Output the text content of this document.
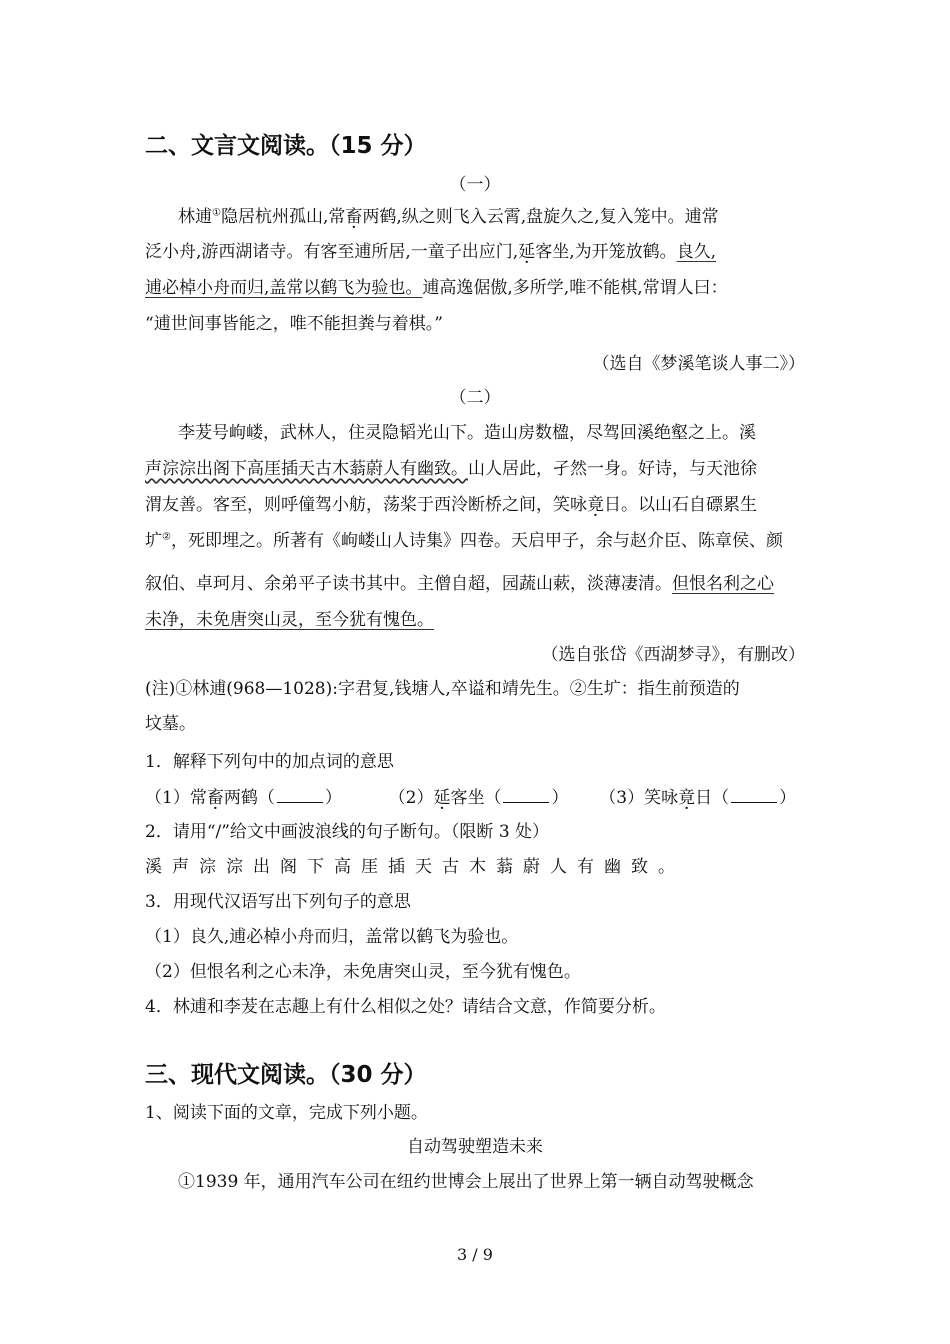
二、文言文阅读。（15 分）
（一）
林逋①隐居杭州孤山,常畜两鹤,纵之则飞入云霄,盘旋久之,复入笼中。逋常
泛小舟,游西湖诸寺。有客至逋所居,一童子出应门,延客坐,为开笼放鹤。良久,
逋必棹小舟而归,盖常以鹤飞为验也。逋高逸倨傲,多所学,唯不能棋,常谓人曰：
“逋世间事皆能之，唯不能担粪与着棋。”
（选自《梦溪笔谈人事二》）
（二）
李茇号岣嵝，武林人，住灵隐韬光山下。造山房数楹，尽驾回溪绝壑之上。溪
声淙淙出阁下高厓插天古木蓊蔚人有幽致。山人居此，孑然一身。好诗，与天池徐
渭友善。客至，则呼僮驾小舫，荡桨于西泠断桥之间，笑咏竟日。以山石自磦累生
圹②，死即埋之。所著有《岣嵝山人诗集》四卷。天启甲子，余与赵介臣、陈章侯、颜
叙伯、卓珂月、余弟平子读书其中。主僧自超，园蔬山蔌，淡薄凄清。但恨名利之心
未净，未免唐突山灵，至今犹有愧色。
（选自张岱《西湖梦寻》，有删改）
(注)①林逋(968—1028):字君复,钱塘人,卒谥和靖先生。②生圹：指生前预造的
坟墓。
1．解释下列句中的加点词的意思
（1）常畜两鹤（	）	（2）延客坐（	） （3）笑咏竟日（	）
2．请用“/”给文中画波浪线的句子断句。（限断 3 处）
溪声淙淙出阁下高厓插天古木蓊蔚人有幽致。
3．用现代汉语写出下列句子的意思
（1）良久,逋必棹小舟而归，盖常以鹤飞为验也。
（2）但恨名利之心未净，未免唐突山灵，至今犹有愧色。
4．林逋和李茇在志趣上有什么相似之处？请结合文意，作简要分析。
三、现代文阅读。（30 分）
1、阅读下面的文章，完成下列小题。
自动驾驶塑造未来
①1939 年，通用汽车公司在纽约世博会上展出了世界上第一辆自动驾驶概念
3 / 9
